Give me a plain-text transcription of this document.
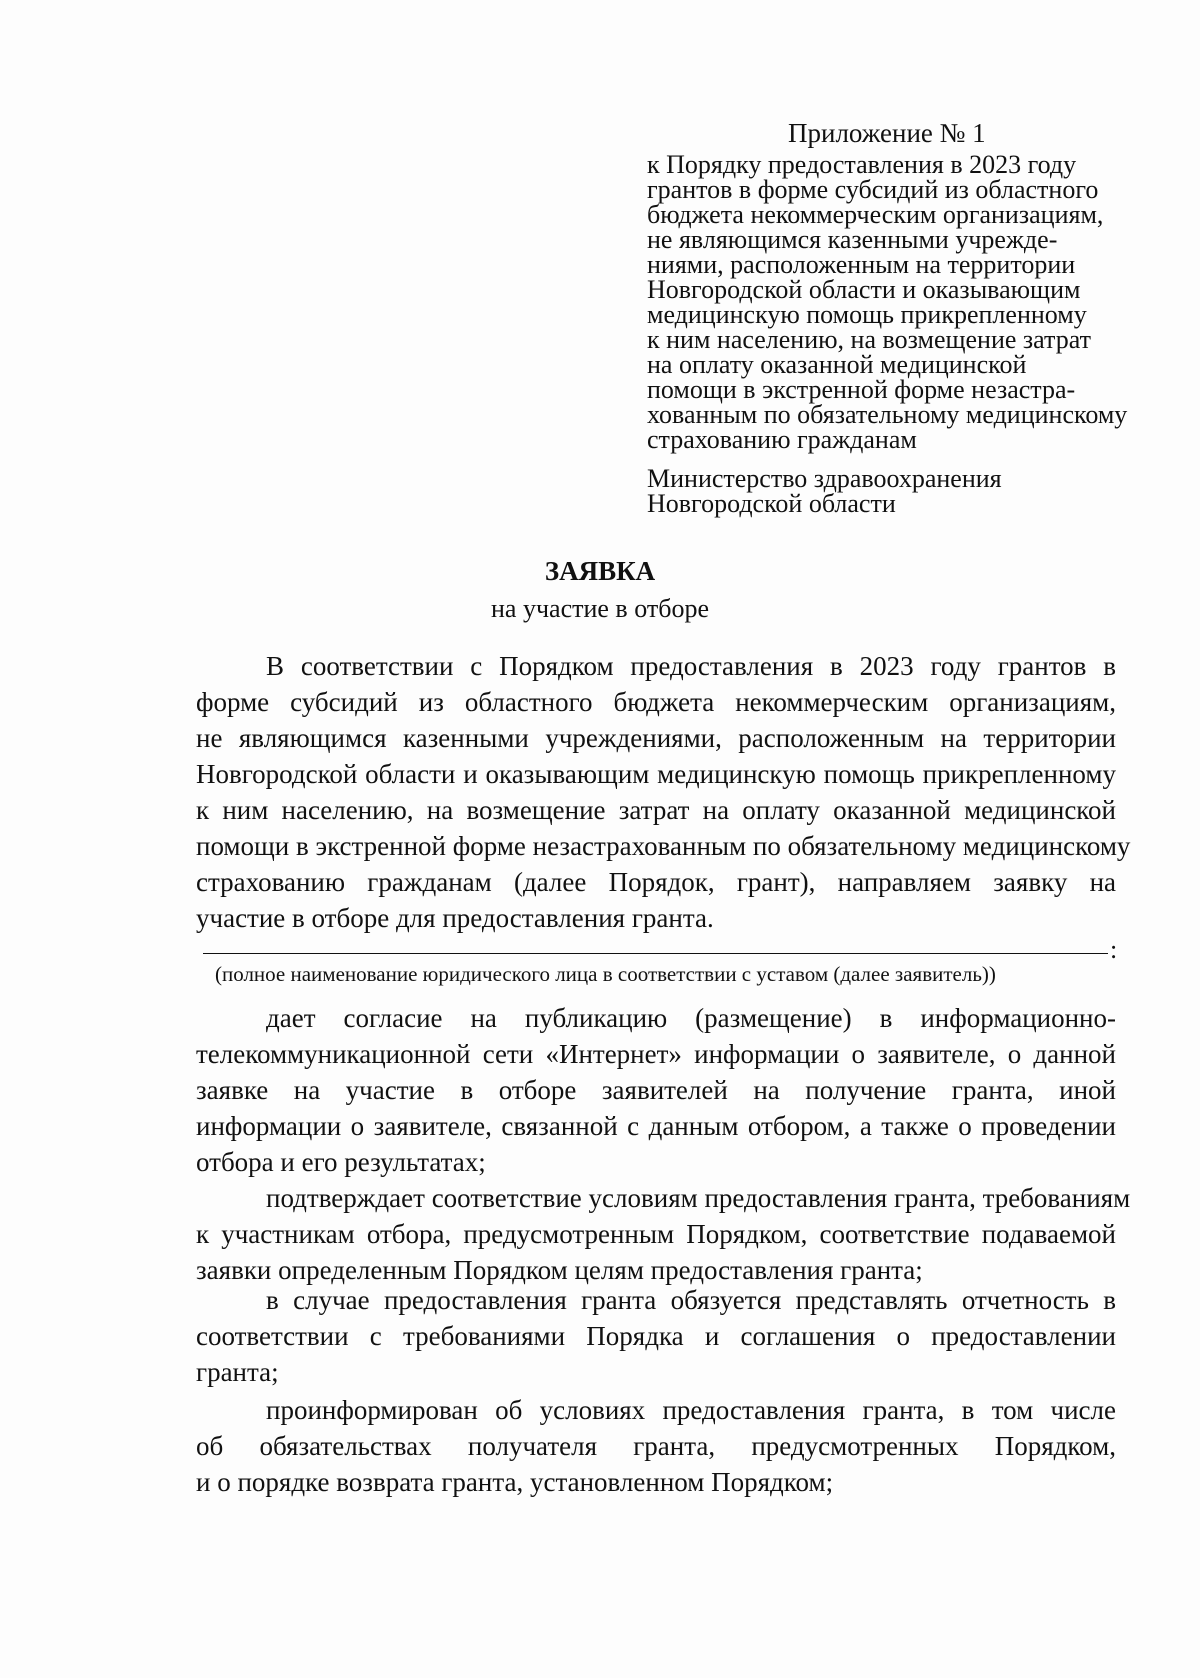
Приложение № 1
к Порядку предоставления в 2023 году
грантов в форме субсидий из областного
бюджета некоммерческим организациям,
не являющимся казенными учрежде-
ниями, расположенным на территории
Новгородской области и оказывающим
медицинскую помощь прикрепленному
к ним населению, на возмещение затрат
на оплату оказанной медицинской
помощи в экстренной форме незастра-
хованным по обязательному медицинскому
страхованию гражданам
Министерство здравоохранения
Новгородской области
ЗАЯВКА
на участие в отборе
В соответствии с Порядком предоставления в 2023 году грантов в
форме субсидий из областного бюджета некоммерческим организациям,
не являющимся казенными учреждениями, расположенным на территории
Новгородской области и оказывающим медицинскую помощь прикрепленному
к ним населению, на возмещение затрат на оплату оказанной медицинской
помощи в экстренной форме незастрахованным по обязательному медицинскому
страхованию гражданам (далее Порядок, грант), направляем заявку на
участие в отборе для предоставления гранта.
:
(полное наименование юридического лица в соответствии с уставом (далее заявитель))
дает согласие на публикацию (размещение) в информационно-
телекоммуникационной сети «Интернет» информации о заявителе, о данной
заявке на участие в отборе заявителей на получение гранта, иной
информации о заявителе, связанной с данным отбором, а также о проведении
отбора и его результатах;
подтверждает соответствие условиям предоставления гранта, требованиям
к участникам отбора, предусмотренным Порядком, соответствие подаваемой
заявки определенным Порядком целям предоставления гранта;
в случае предоставления гранта обязуется представлять отчетность в
соответствии с требованиями Порядка и соглашения о предоставлении
гранта;
проинформирован об условиях предоставления гранта, в том числе
об обязательствах получателя гранта, предусмотренных Порядком,
и о порядке возврата гранта, установленном Порядком;
